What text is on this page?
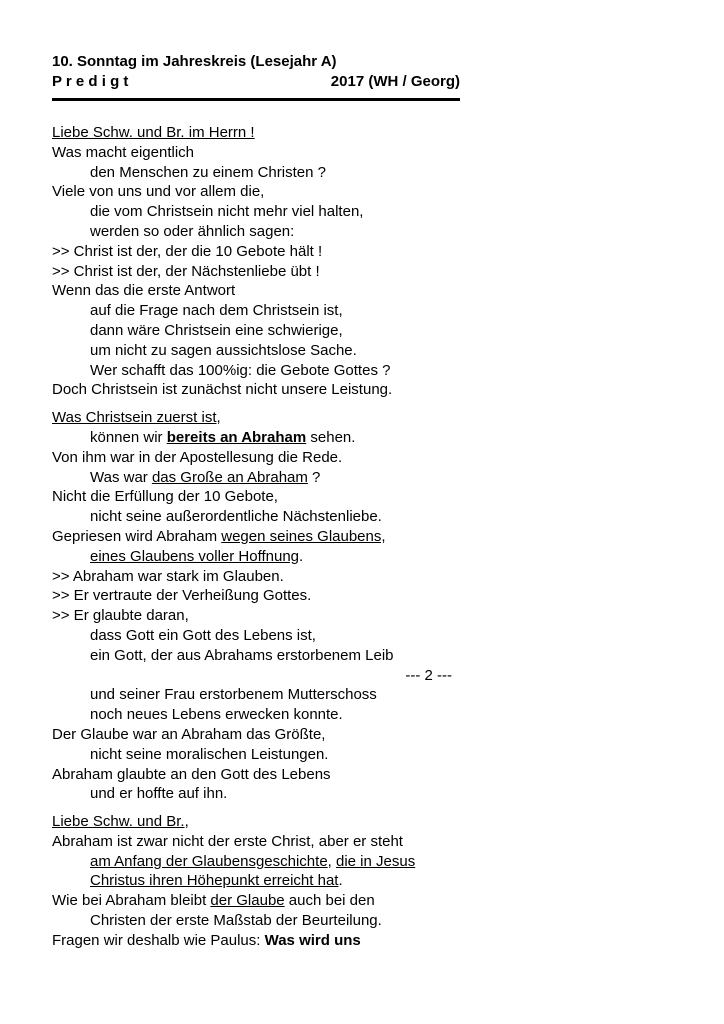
10. Sonntag im Jahreskreis (Lesejahr A)
P r e d i g t	2017 (WH / Georg)
Liebe Schw. und Br. im Herrn !
Was macht eigentlich
den Menschen zu einem Christen ?
Viele von uns und vor allem die,
die vom Christsein nicht mehr viel halten,
werden so oder ähnlich sagen:
>> Christ ist der, der die 10 Gebote hält !
>> Christ ist der, der Nächstenliebe übt !
Wenn das die erste Antwort
auf die Frage nach dem Christsein ist,
dann wäre Christsein eine schwierige,
um nicht zu sagen aussichtslose Sache.
Wer schafft das 100%ig: die Gebote Gottes ?
Doch Christsein ist zunächst nicht unsere Leistung.
Was Christsein zuerst ist,
können wir bereits an Abraham sehen.
Von ihm war in der Apostellesung die Rede.
Was war das Große an Abraham ?
Nicht die Erfüllung der 10 Gebote,
nicht seine außerordentliche Nächstenliebe.
Gepriesen wird Abraham wegen seines Glaubens,
eines Glaubens voller Hoffnung.
>> Abraham war stark im Glauben.
>> Er vertraute der Verheißung Gottes.
>> Er glaubte daran,
dass Gott ein Gott des Lebens ist,
ein Gott, der aus Abrahams erstorbenem Leib
--- 2 ---
und seiner Frau erstorbenem Mutterschoss
noch neues Lebens erwecken konnte.
Der Glaube war an Abraham das Größte,
nicht seine moralischen Leistungen.
Abraham glaubte an den Gott des Lebens
und er hoffte auf ihn.
Liebe Schw. und Br.,
Abraham ist zwar nicht der erste Christ, aber er steht
am Anfang der Glaubensgeschichte, die in Jesus
Christus ihren Höhepunkt erreicht hat.
Wie bei Abraham bleibt der Glaube auch bei den
Christen der erste Maßstab der Beurteilung.
Fragen wir deshalb wie Paulus: Was wird uns
